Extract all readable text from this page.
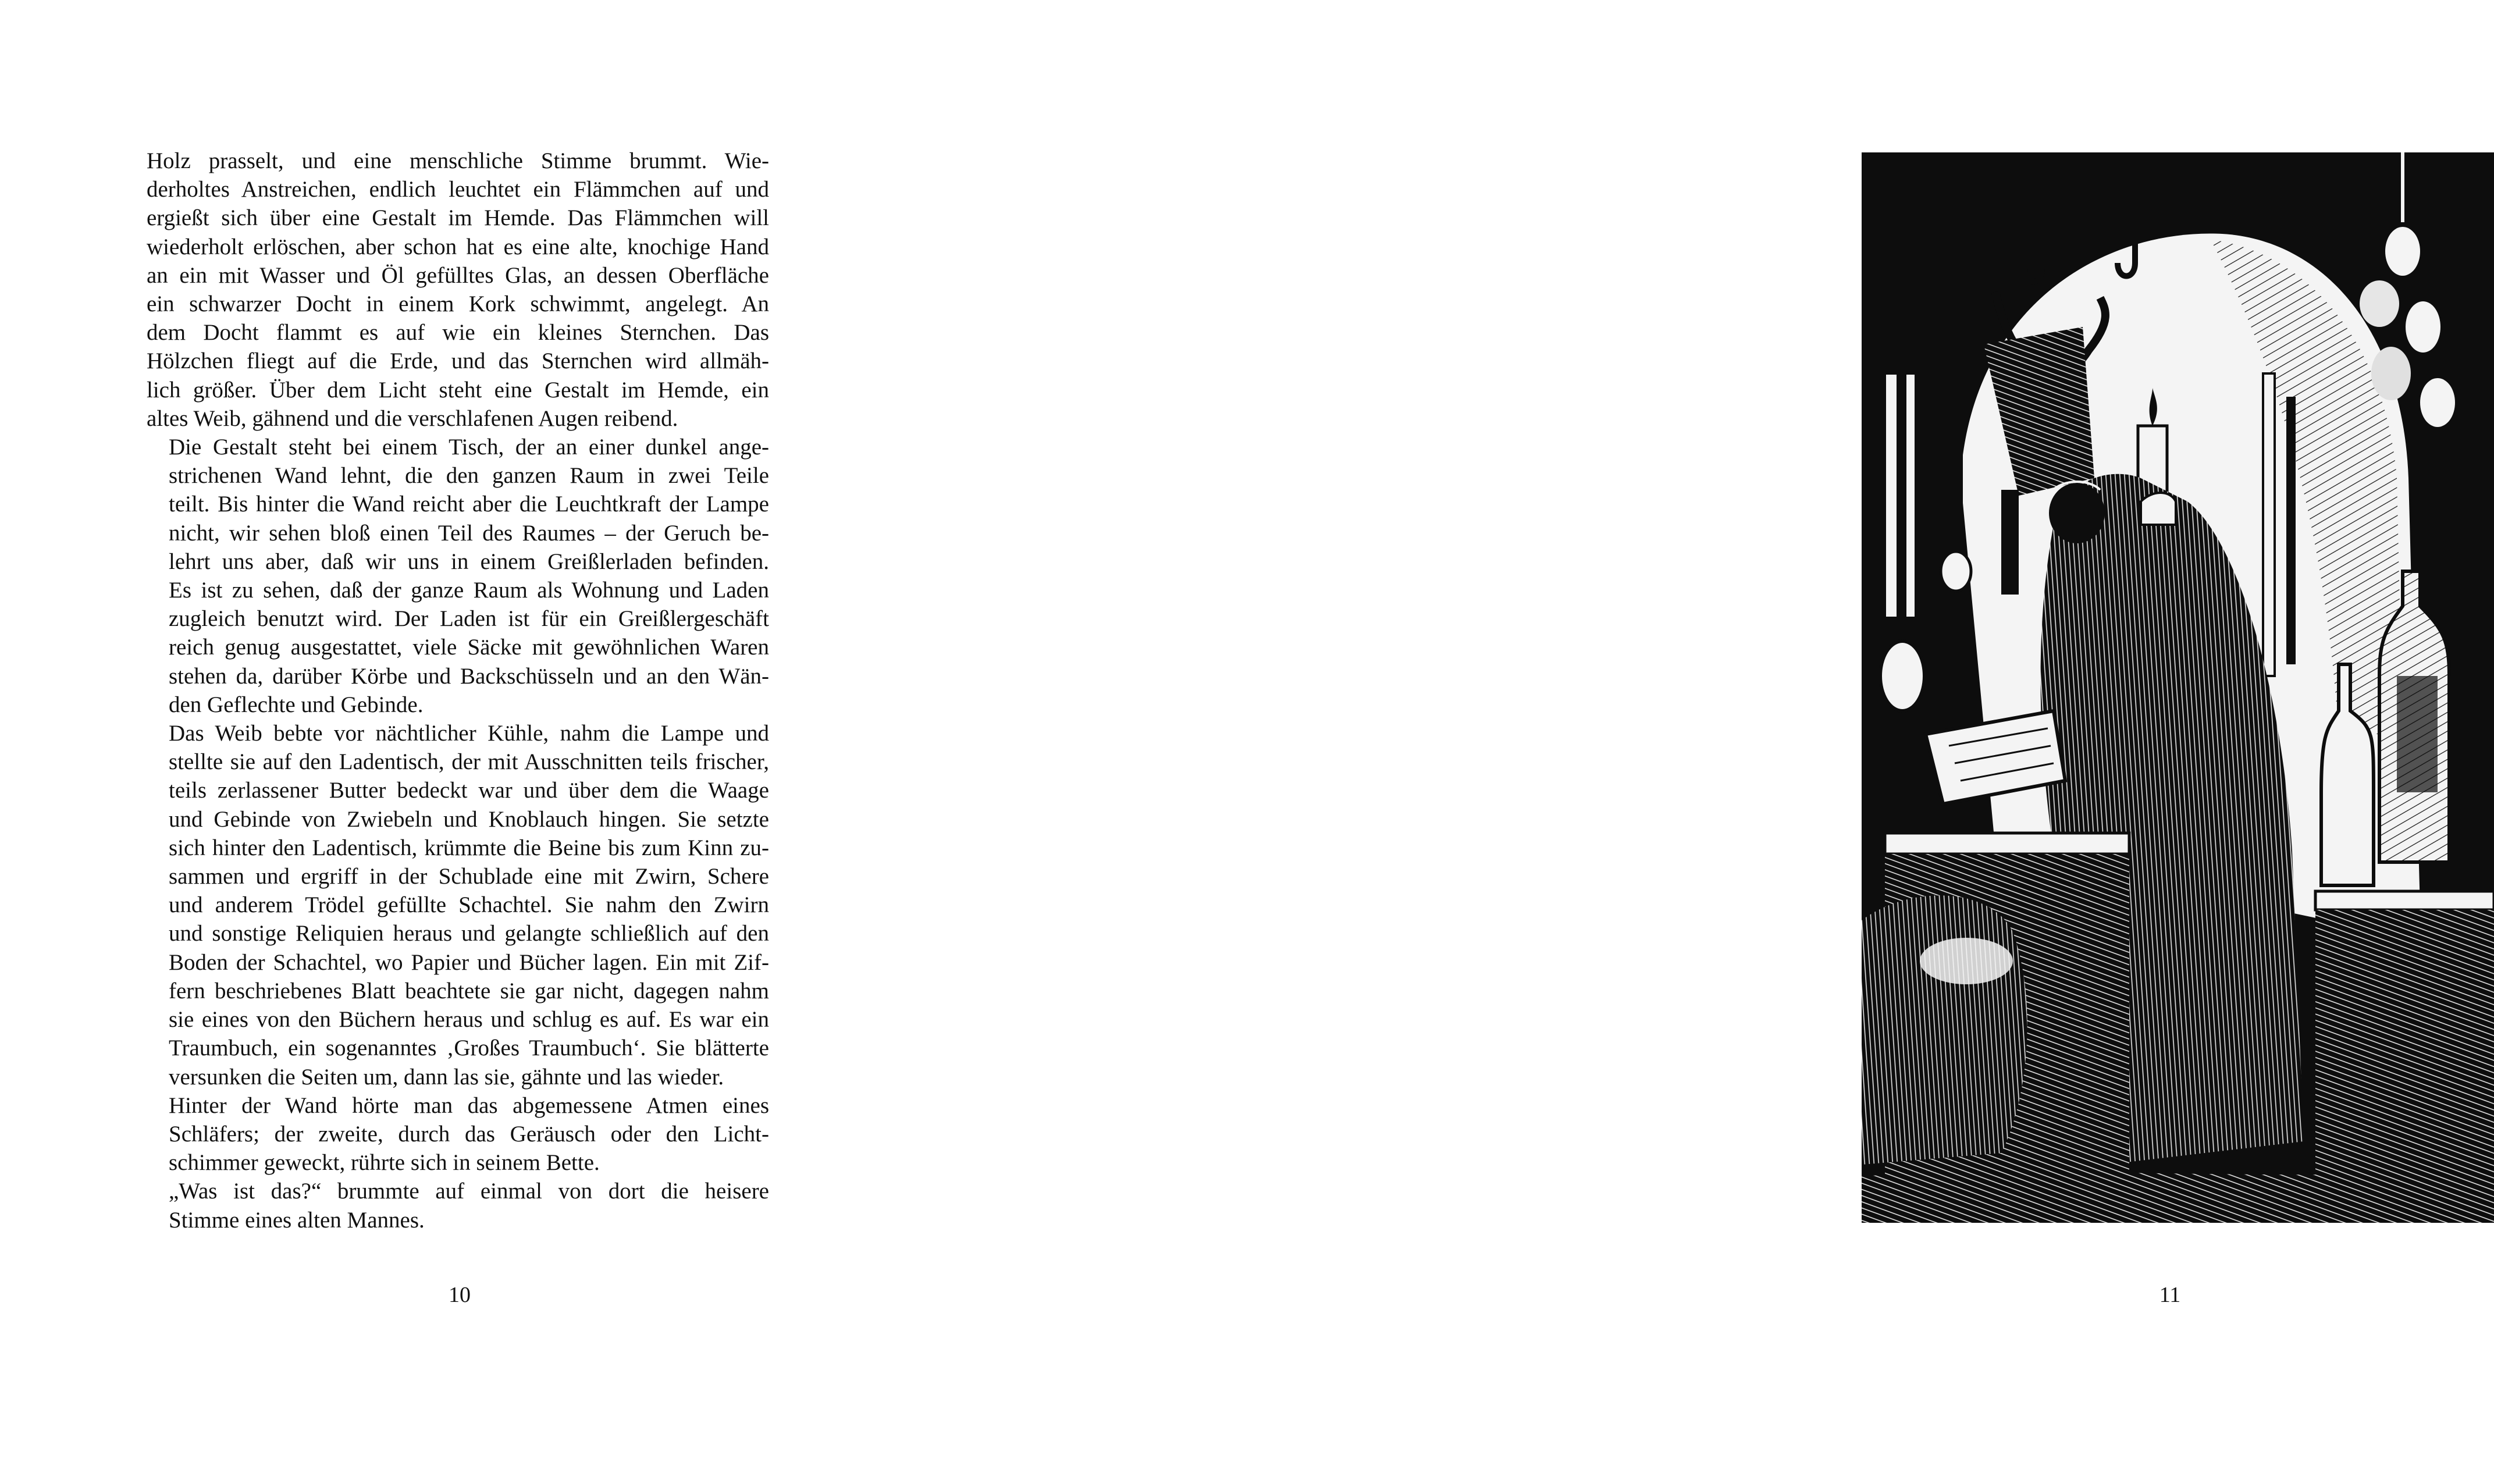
Holz prasselt, und eine menschliche Stimme brummt. Wie-
derholtes Anstreichen, endlich leuchtet ein Flämmchen auf und
ergießt sich über eine Gestalt im Hemde. Das Flämmchen will
wiederholt erlöschen, aber schon hat es eine alte, knochige Hand
an ein mit Wasser und Öl gefülltes Glas, an dessen Oberfläche
ein schwarzer Docht in einem Kork schwimmt, angelegt. An
dem Docht flammt es auf wie ein kleines Sternchen. Das
Hölzchen fliegt auf die Erde, und das Sternchen wird allmäh-
lich größer. Über dem Licht steht eine Gestalt im Hemde, ein
altes Weib, gähnend und die verschlafenen Augen reibend.

Die Gestalt steht bei einem Tisch, der an einer dunkel ange-
strichenen Wand lehnt, die den ganzen Raum in zwei Teile
teilt. Bis hinter die Wand reicht aber die Leuchtkraft der Lampe
nicht, wir sehen bloß einen Teil des Raumes – der Geruch be-
lehrt uns aber, daß wir uns in einem Greißlerladen befinden.
Es ist zu sehen, daß der ganze Raum als Wohnung und Laden
zugleich benutzt wird. Der Laden ist für ein Greißlergeschäft
reich genug ausgestattet, viele Säcke mit gewöhnlichen Waren
stehen da, darüber Körbe und Backschüsseln und an den Wän-
den Geflechte und Gebinde.

Das Weib bebte vor nächtlicher Kühle, nahm die Lampe und
stellte sie auf den Ladentisch, der mit Ausschnitten teils frischer,
teils zerlassener Butter bedeckt war und über dem die Waage
und Gebinde von Zwiebeln und Knoblauch hingen. Sie setzte
sich hinter den Ladentisch, krümmte die Beine bis zum Kinn zu-
sammen und ergriff in der Schublade eine mit Zwirn, Schere
und anderem Trödel gefüllte Schachtel. Sie nahm den Zwirn
und sonstige Reliquien heraus und gelangte schließlich auf den
Boden der Schachtel, wo Papier und Bücher lagen. Ein mit Zif-
fern beschriebenes Blatt beachtete sie gar nicht, dagegen nahm
sie eines von den Büchern heraus und schlug es auf. Es war ein
Traumbuch, ein sogenanntes ‚Großes Traumbuch‘. Sie blätterte
versunken die Seiten um, dann las sie, gähnte und las wieder.

Hinter der Wand hörte man das abgemessene Atmen eines
Schläfers; der zweite, durch das Geräusch oder den Licht-
schimmer geweckt, rührte sich in seinem Bette.

„Was ist das?“ brummte auf einmal von dort die heisere
Stimme eines alten Mannes.

10	11
